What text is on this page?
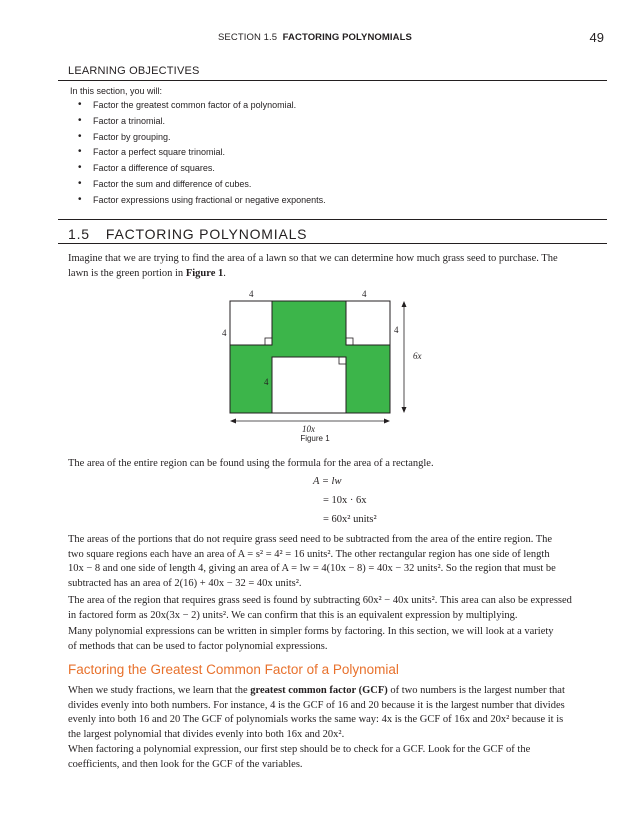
SECTION 1.5 FACTORING POLYNOMIALS	49
LEARNING OBJECTIVES
In this section, you will:
• Factor the greatest common factor of a polynomial.
• Factor a trinomial.
• Factor by grouping.
• Factor a perfect square trinomial.
• Factor a difference of squares.
• Factor the sum and difference of cubes.
• Factor expressions using fractional or negative exponents.
1.5 FACTORING POLYNOMIALS
Imagine that we are trying to find the area of a lawn so that we can determine how much grass seed to purchase. The
lawn is the green portion in Figure 1.
4	4
4	4
6x
4
10x
Figure 1
The area of the entire region can be found using the formula for the area of a rectangle.
A = lw
= 10x · 6x
= 60x² units²
The areas of the portions that do not require grass seed need to be subtracted from the area of the entire region. The
two square regions each have an area of A = s² = 4² = 16 units². The other rectangular region has one side of length
10x − 8 and one side of length 4, giving an area of A = lw = 4(10x − 8) = 40x − 32 units². So the region that must be
subtracted has an area of 2(16) + 40x − 32 = 40x units².
The area of the region that requires grass seed is found by subtracting 60x² − 40x units². This area can also be expressed
in factored form as 20x(3x − 2) units². We can confirm that this is an equivalent expression by multiplying.
Many polynomial expressions can be written in simpler forms by factoring. In this section, we will look at a variety
of methods that can be used to factor polynomial expressions.
Factoring the Greatest Common Factor of a Polynomial
When we study fractions, we learn that the greatest common factor (GCF) of two numbers is the largest number that
divides evenly into both numbers. For instance, 4 is the GCF of 16 and 20 because it is the largest number that divides
evenly into both 16 and 20 The GCF of polynomials works the same way: 4x is the GCF of 16x and 20x² because it is
the largest polynomial that divides evenly into both 16x and 20x².
When factoring a polynomial expression, our first step should be to check for a GCF. Look for the GCF of the
coefficients, and then look for the GCF of the variables.
